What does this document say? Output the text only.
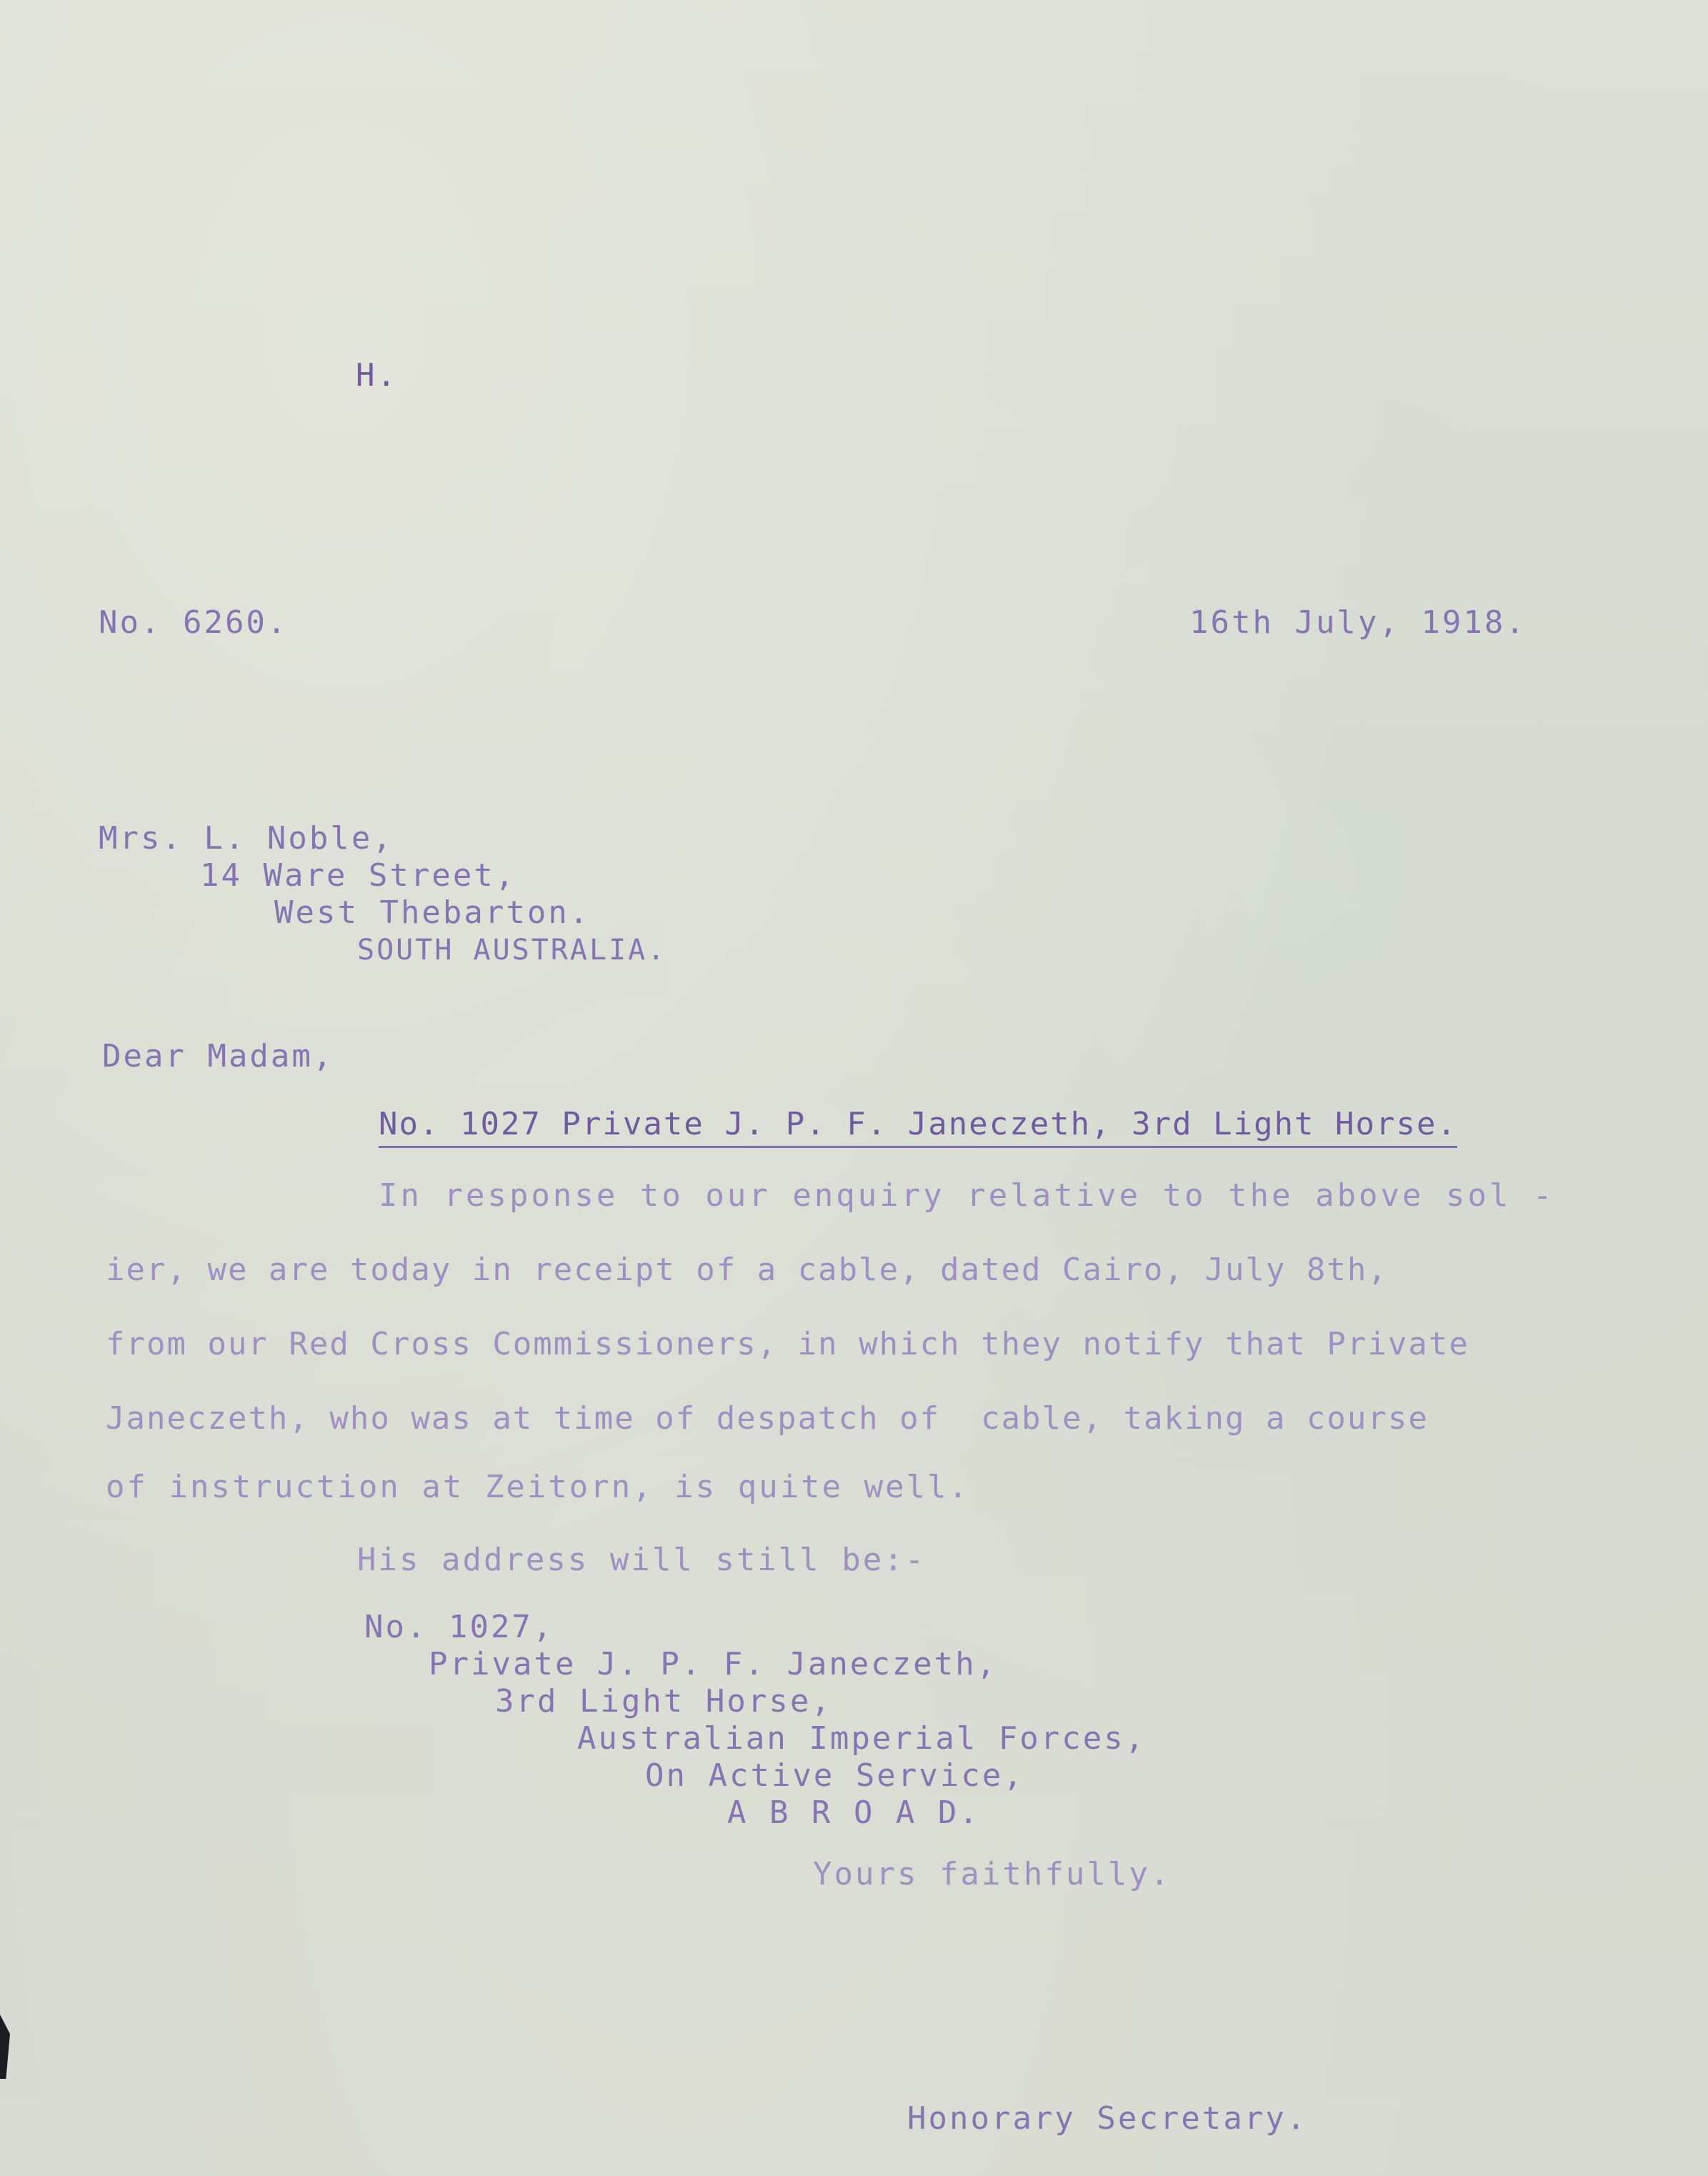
H.
No. 6260.	16th July, 1918.
Mrs. L. Noble,
14 Ware Street,
West Thebarton.
SOUTH AUSTRALIA.
Dear Madam,
No. 1027 Private J. P. F. Janeczeth, 3rd Light Horse.
In response to our enquiry relative to the above sol -
ier, we are today in receipt of a cable, dated Cairo, July 8th,
from our Red Cross Commissioners, in which they notify that Private
Janeczeth, who was at time of despatch of  cable, taking a course
of instruction at Zeitorn, is quite well.
His address will still be:-
No. 1027,
Private J. P. F. Janeczeth,
3rd Light Horse,
Australian Imperial Forces,
On Active Service,
A B R O A D.
Yours faithfully.
Honorary Secretary.
